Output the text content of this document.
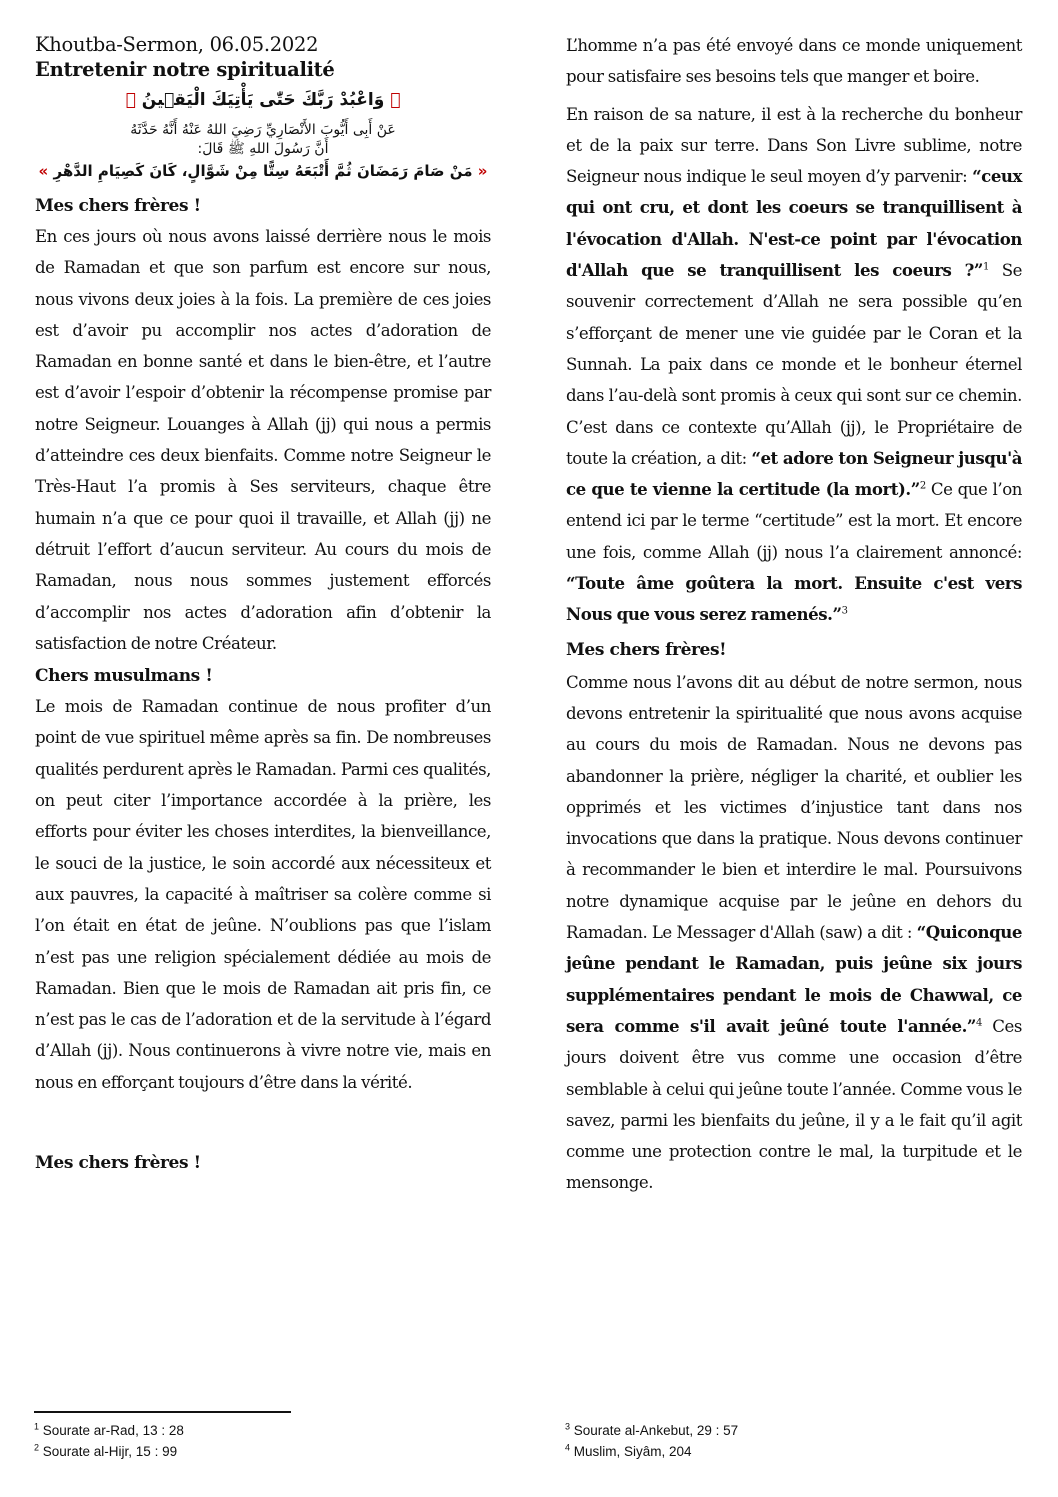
Khoutba-Sermon, 06.05.2022
Entretenir notre spiritualité
﴿ وَاعْبُدْ رَبَّكَ حَتّٰى يَأْتِيَكَ الْيَق۪ينُ ﴾
عَنْ أَبِى أَيُّوبَ الأَنْصَارِيِّ رَضِيَ اللهُ عَنْهُ أَنَّهُ حَدَّثَهُ
أَنَّ رَسُولَ اللهِ ﷺ قَالَ:
« مَنْ صَامَ رَمَضَانَ ثُمَّ أَتْبَعَهُ سِتًّا مِنْ شَوَّالٍ، كَانَ كَصِيَامِ الدَّهْرِ »
Mes chers frères !

En ces jours où nous avons laissé derrière nous le mois de Ramadan et que son parfum est encore sur nous, nous vivons deux joies à la fois. La première de ces joies est d’avoir pu accomplir nos actes d’adoration de Ramadan en bonne santé et dans le bien-être, et l’autre est d’avoir l’espoir d’obtenir la récompense promise par notre Seigneur. Louanges à Allah (jj) qui nous a permis d’atteindre ces deux bienfaits. Comme notre Seigneur le Très-Haut l’a promis à Ses serviteurs, chaque être humain n’a que ce pour quoi il travaille, et Allah (jj) ne détruit l’effort d’aucun serviteur. Au cours du mois de Ramadan, nous nous sommes justement efforcés d’accomplir nos actes d’adoration afin d’obtenir la satisfaction de notre Créateur.

Chers musulmans !

Le mois de Ramadan continue de nous profiter d’un point de vue spirituel même après sa fin. De nombreuses qualités perdurent après le Ramadan. Parmi ces qualités, on peut citer l’importance accordée à la prière, les efforts pour éviter les choses interdites, la bienveillance, le souci de la justice, le soin accordé aux nécessiteux et aux pauvres, la capacité à maîtriser sa colère comme si l’on était en état de jeûne. N’oublions pas que l’islam n’est pas une religion spécialement dédiée au mois de Ramadan. Bien que le mois de Ramadan ait pris fin, ce n’est pas le cas de l’adoration et de la servitude à l’égard d’Allah (jj). Nous continuerons à vivre notre vie, mais en nous en efforçant toujours d’être dans la vérité.

Mes chers frères !

L’homme n’a pas été envoyé dans ce monde uniquement pour satisfaire ses besoins tels que manger et boire.

En raison de sa nature, il est à la recherche du bonheur et de la paix sur terre. Dans Son Livre sublime, notre Seigneur nous indique le seul moyen d’y parvenir: “ceux qui ont cru, et dont les coeurs se tranquillisent à l'évocation d'Allah. N'est-ce point par l'évocation d'Allah que se tranquillisent les coeurs ?”$^1$ Se souvenir correctement d’Allah ne sera possible qu’en s’efforçant de mener une vie guidée par le Coran et la Sunnah. La paix dans ce monde et le bonheur éternel dans l’au-delà sont promis à ceux qui sont sur ce chemin. C’est dans ce contexte qu’Allah (jj), le Propriétaire de toute la création, a dit: “et adore ton Seigneur jusqu'à ce que te vienne la certitude (la mort).”$^2$ Ce que l’on entend ici par le terme “certitude” est la mort. Et encore une fois, comme Allah (jj) nous l’a clairement annoncé: “Toute âme goûtera la mort. Ensuite c'est vers Nous que vous serez ramenés.”$^3$

Mes chers frères!

Comme nous l’avons dit au début de notre sermon, nous devons entretenir la spiritualité que nous avons acquise au cours du mois de Ramadan. Nous ne devons pas abandonner la prière, négliger la charité, et oublier les opprimés et les victimes d’injustice tant dans nos invocations que dans la pratique. Nous devons continuer à recommander le bien et interdire le mal. Poursuivons notre dynamique acquise par le jeûne en dehors du Ramadan. Le Messager d'Allah (saw) a dit : “Quiconque jeûne pendant le Ramadan, puis jeûne six jours supplémentaires pendant le mois de Chawwal, ce sera comme s'il avait jeûné toute l'année.”$^4$ Ces jours doivent être vus comme une occasion d’être semblable à celui qui jeûne toute l’année. Comme vous le savez, parmi les bienfaits du jeûne, il y a le fait qu’il agit comme une protection contre le mal, la turpitude et le mensonge.

$^1$ Sourate ar-Rad, 13 : 28
$^2$ Sourate al-Hijr, 15 : 99
$^3$ Sourate al-Ankebut, 29 : 57
$^4$ Muslim, Siyâm, 204
